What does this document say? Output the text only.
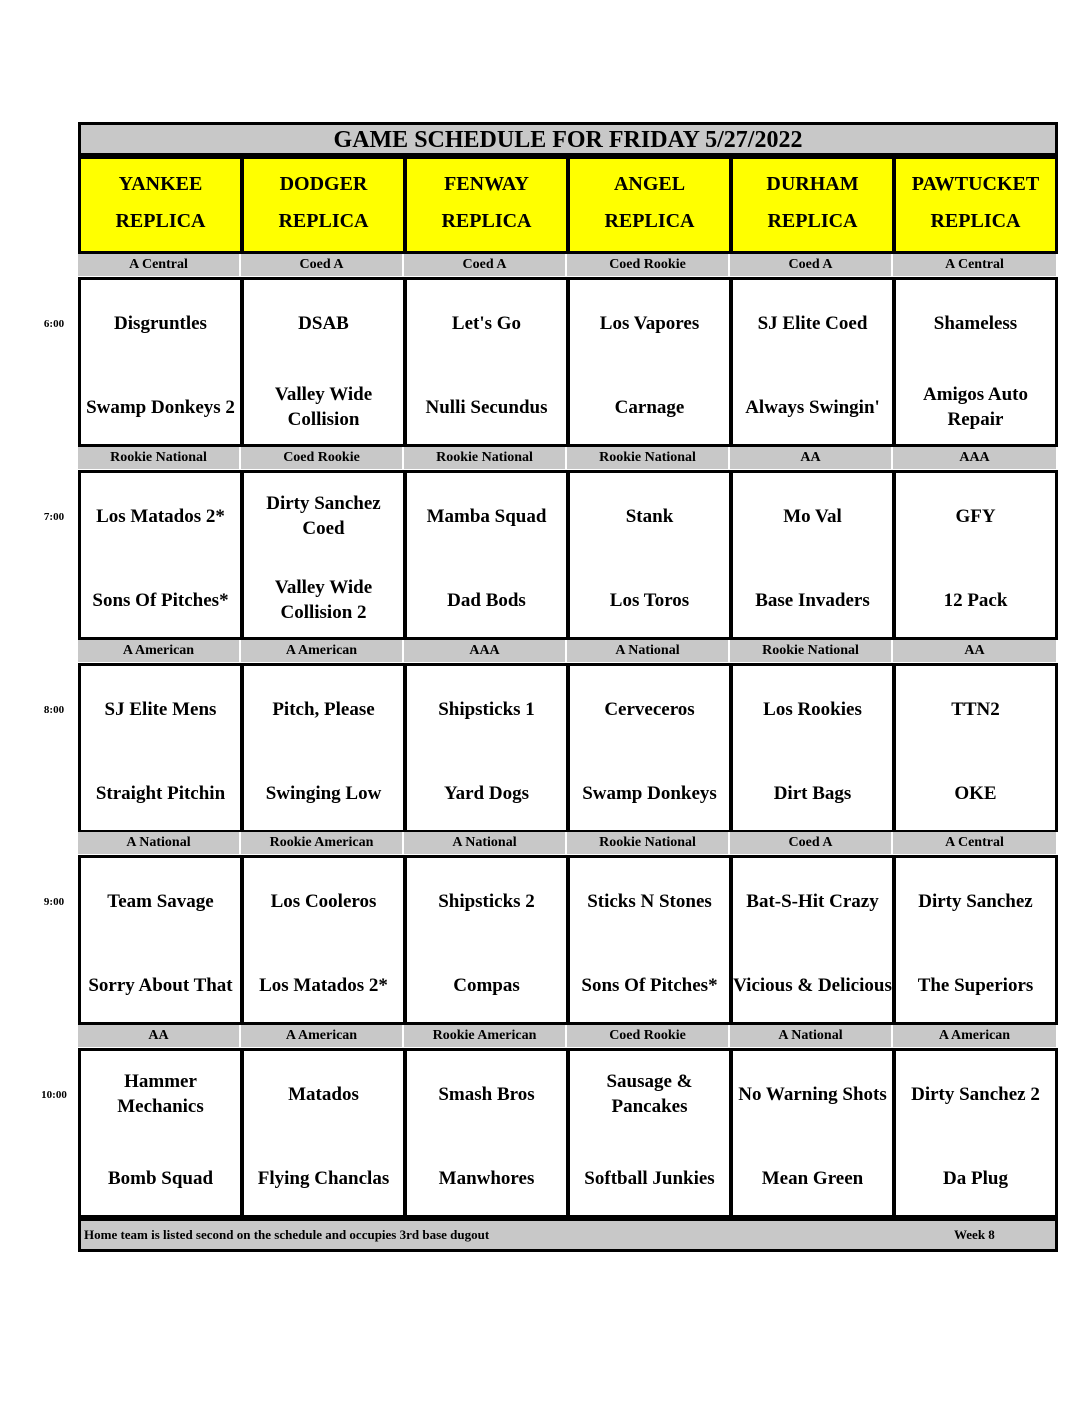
GAME SCHEDULE FOR FRIDAY 5/27/2022
YANKEE
REPLICA
DODGER
REPLICA
FENWAY
REPLICA
ANGEL
REPLICA
DURHAM
REPLICA
PAWTUCKET
REPLICA
A Central
Disgruntles
Swamp Donkeys 2
Coed A
DSAB
Valley Wide Collision
Coed A
Let's Go
Nulli Secundus
Coed Rookie
Los Vapores
Carnage
Coed A
SJ Elite Coed
Always Swingin'
A Central
Shameless
Amigos Auto Repair
Rookie National
Los Matados 2*
Sons Of Pitches*
Coed Rookie
Dirty Sanchez Coed
Valley Wide Collision 2
Rookie National
Mamba Squad
Dad Bods
Rookie National
Stank
Los Toros
AA
Mo Val
Base Invaders
AAA
GFY
12 Pack
A American
SJ Elite Mens
Straight Pitchin
A American
Pitch, Please
Swinging Low
AAA
Shipsticks 1
Yard Dogs
A National
Cerveceros
Swamp Donkeys
Rookie National
Los Rookies
Dirt Bags
AA
TTN2
OKE
A National
Team Savage
Sorry About That
Rookie American
Los Cooleros
Los Matados 2*
A National
Shipsticks 2
Compas
Rookie National
Sticks N Stones
Sons Of Pitches*
Coed A
Bat-S-Hit Crazy
Vicious & Delicious
A Central
Dirty Sanchez
The Superiors
AA
Hammer Mechanics
Bomb Squad
A American
Matados
Flying Chanclas
Rookie American
Smash Bros
Manwhores
Coed Rookie
Sausage & Pancakes
Softball Junkies
A National
No Warning Shots
Mean Green
A American
Dirty Sanchez 2
Da Plug
Home team is listed second on the schedule and occupies 3rd base dugout	Week 8
6:00
7:00
8:00
9:00
10:00
